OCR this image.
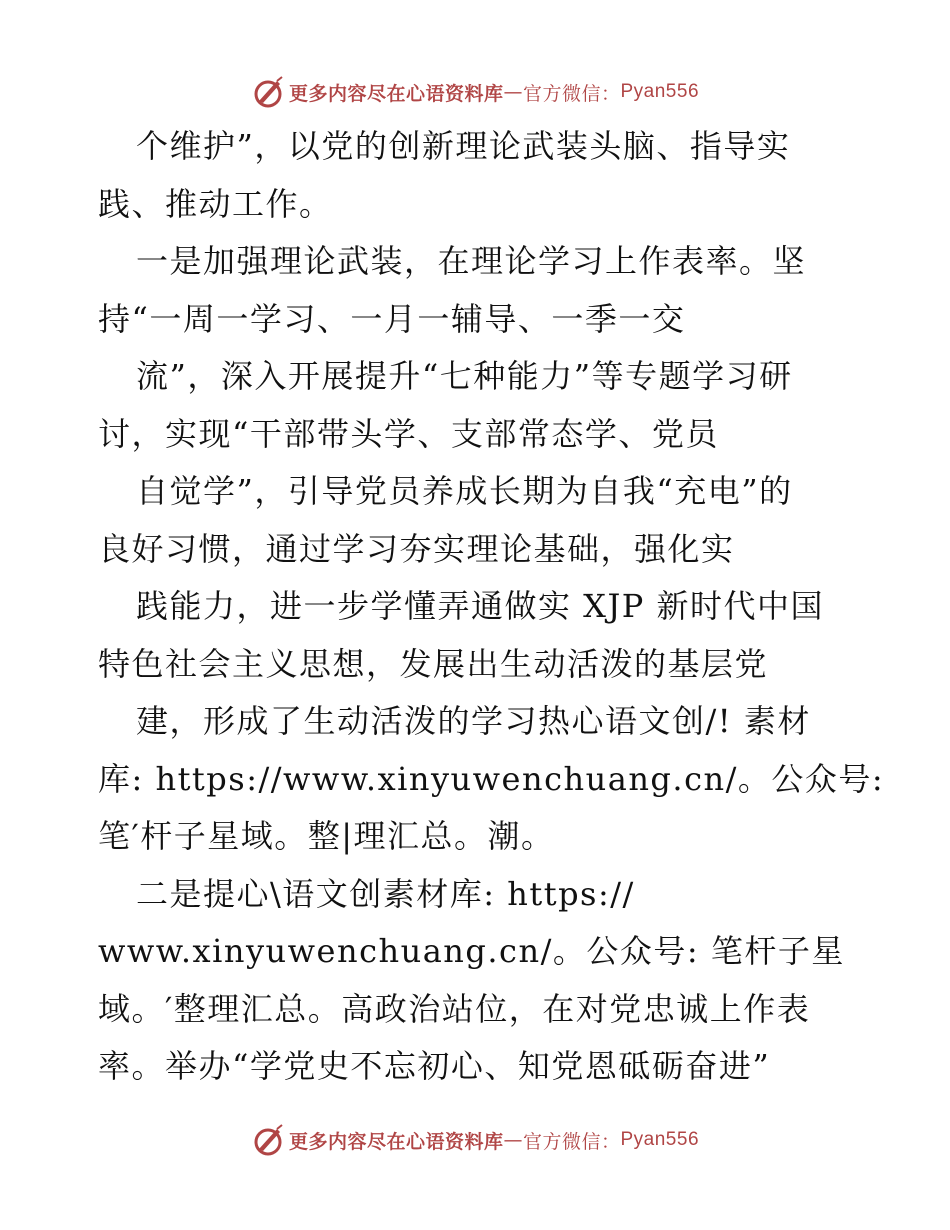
更多内容尽在心语资料库 — 官方微信： Pyan556
个维护”，以党的创新理论武装头脑、指导实
践、推动工作。
一是加强理论武装，在理论学习上作表率。坚
持“一周一学习、一月一辅导、一季一交
流”，深入开展提升“七种能力”等专题学习研
讨，实现“干部带头学、支部常态学、党员
自觉学”，引导党员养成长期为自我“充电”的
良好习惯，通过学习夯实理论基础，强化实
践能力，进一步学懂弄通做实 XJP 新时代中国
特色社会主义思想，发展出生动活泼的基层党
建，形成了生动活泼的学习热心语文创/! 素材
库: https://www.xinyuwenchuang.cn/。公众号:
笔′杆子星域。整|理汇总。潮。
二是提心\语文创素材库: https://
www.xinyuwenchuang.cn/。公众号: 笔杆子星
域。′整理汇总。高政治站位，在对党忠诚上作表
率。举办“学党史不忘初心、知党恩砥砺奋进”
更多内容尽在心语资料库 — 官方微信： Pyan556
